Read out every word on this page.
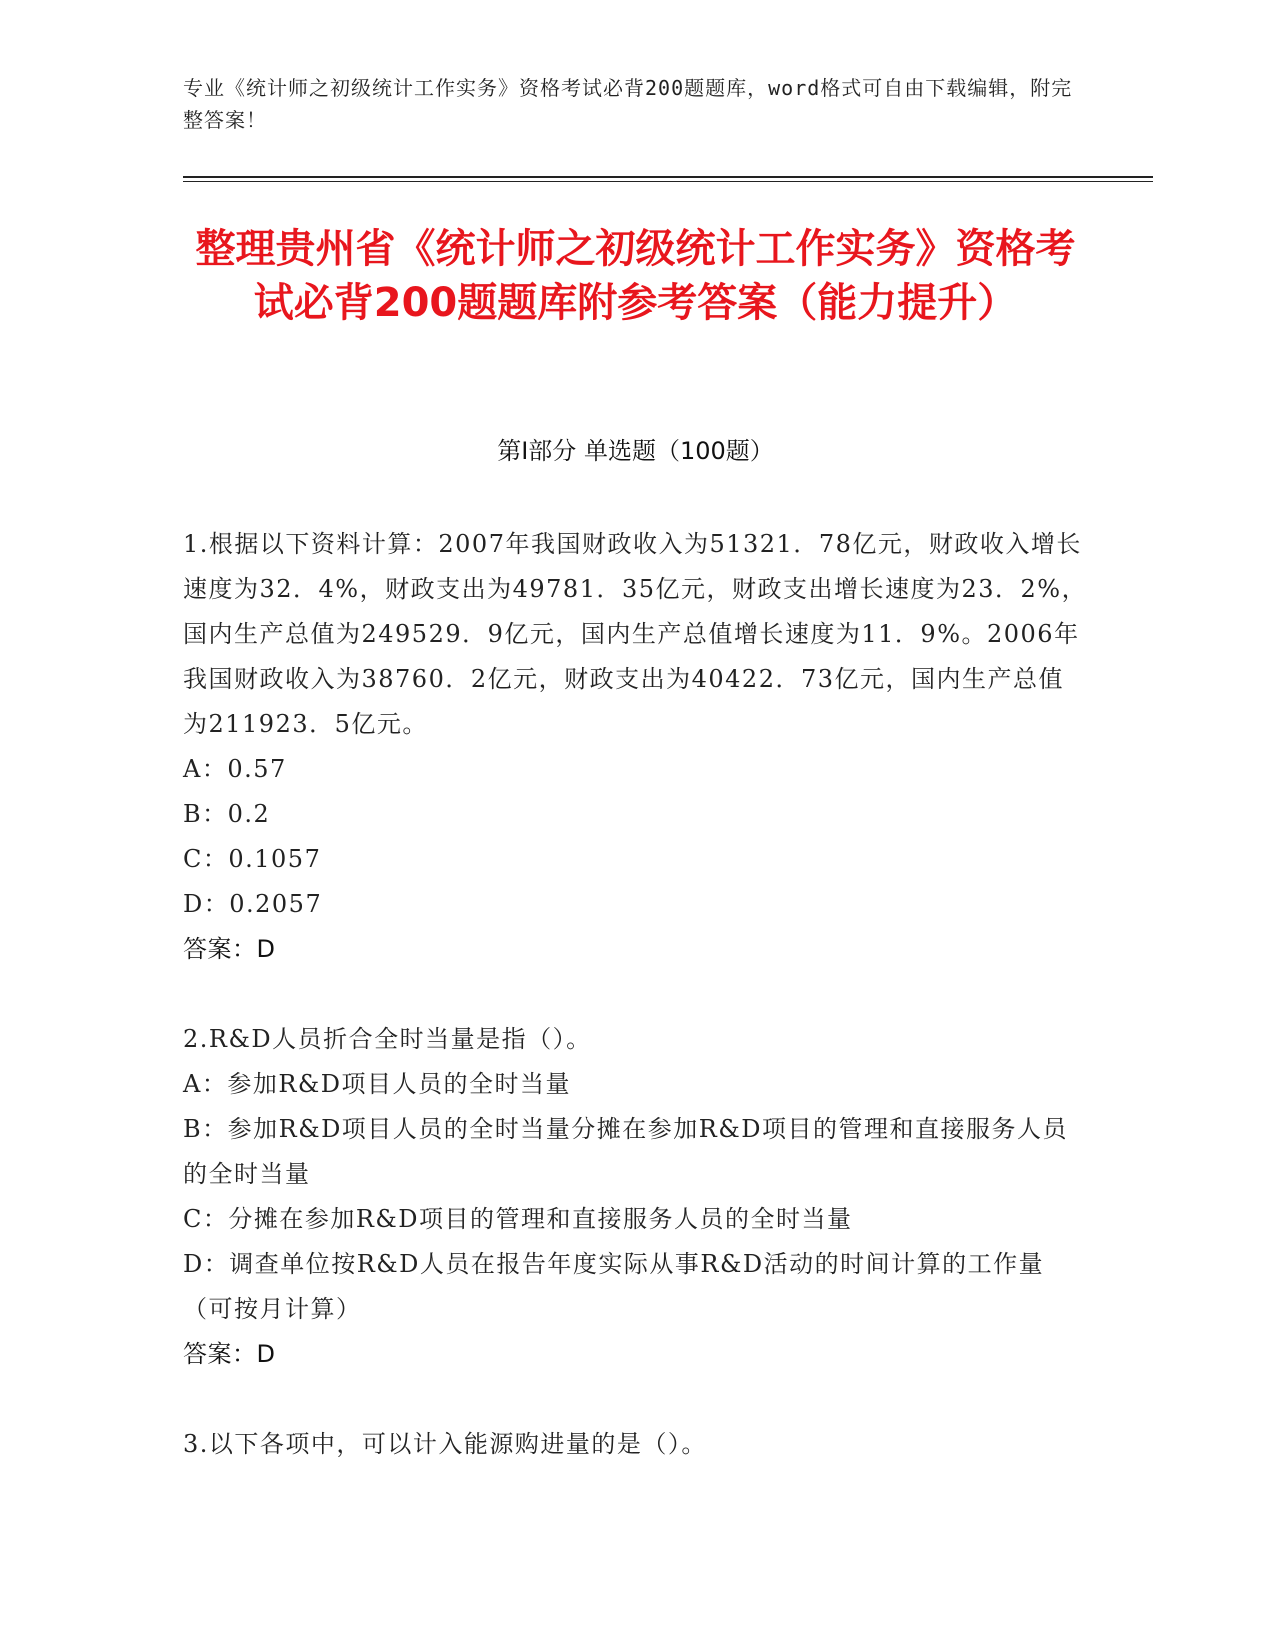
专业《统计师之初级统计工作实务》资格考试必背200题题库，word格式可自由下载编辑，附完整答案！
整理贵州省《统计师之初级统计工作实务》资格考试必背200题题库附参考答案（能力提升）
第Ⅰ部分 单选题（100题）

1.根据以下资料计算：2007年我国财政收入为51321．78亿元，财政收入增长速度为32．4%，财政支出为49781．35亿元，财政支出增长速度为23．2%，国内生产总值为249529．9亿元，国内生产总值增长速度为11．9%。2006年我国财政收入为38760．2亿元，财政支出为40422．73亿元，国内生产总值为211923．5亿元。

A：0.57

B：0.2

C：0.1057

D：0.2057

答案：D

2.R&D人员折合全时当量是指（）。

A：参加R&D项目人员的全时当量

B：参加R&D项目人员的全时当量分摊在参加R&D项目的管理和直接服务人员的全时当量

C：分摊在参加R&D项目的管理和直接服务人员的全时当量

D：调查单位按R&D人员在报告年度实际从事R&D活动的时间计算的工作量（可按月计算）

答案：D

3.以下各项中，可以计入能源购进量的是（）。
